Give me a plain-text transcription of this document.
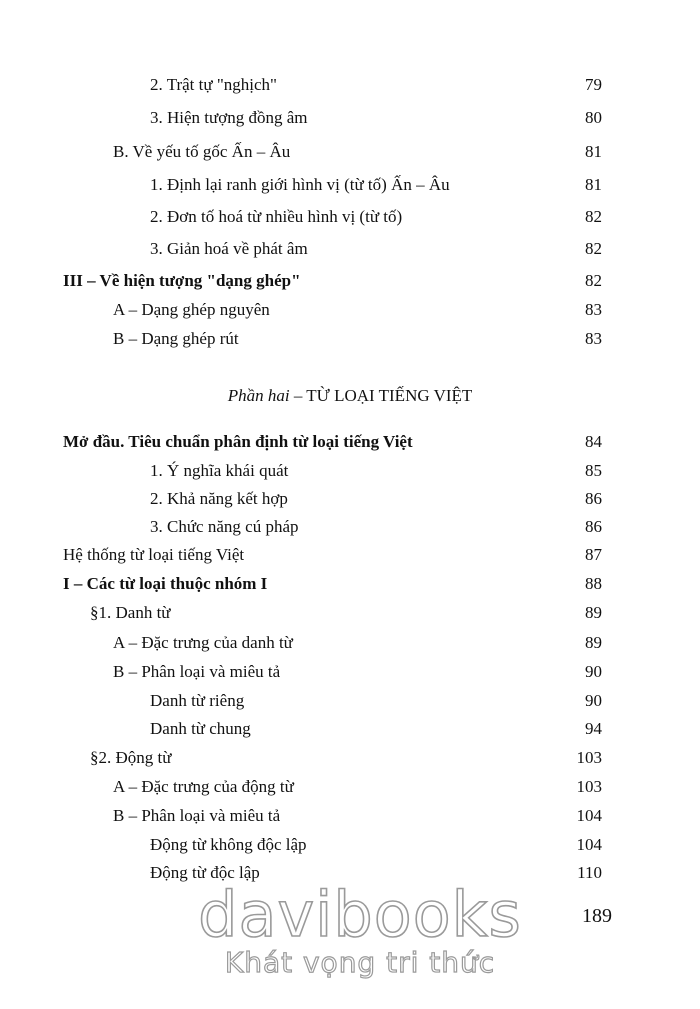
2. Trật tự "nghịch"	79
3. Hiện tượng đồng âm	80
B. Về yếu tố gốc Ấn – Âu	81
1. Định lại ranh giới hình vị (từ tố) Ấn – Âu	81
2. Đơn tố hoá từ nhiều hình vị (từ tố)	82
3. Giản hoá về phát âm	82
III – Về hiện tượng "dạng ghép"	82
A – Dạng ghép nguyên	83
B – Dạng ghép rút	83
Phần hai – TỪ LOẠI TIẾNG VIỆT
Mở đầu. Tiêu chuẩn phân định từ loại tiếng Việt	84
1. Ý nghĩa khái quát	85
2. Khả năng kết hợp	86
3. Chức năng cú pháp	86
Hệ thống từ loại tiếng Việt	87
I – Các từ loại thuộc nhóm I	88
§1. Danh từ	89
A – Đặc trưng của danh từ	89
B – Phân loại và miêu tả	90
Danh từ riêng	90
Danh từ chung	94
§2. Động từ	103
A – Đặc trưng của động từ	103
B – Phân loại và miêu tả	104
Động từ không độc lập	104
Động từ độc lập	110
189
davibooks
Khát vọng tri thức
